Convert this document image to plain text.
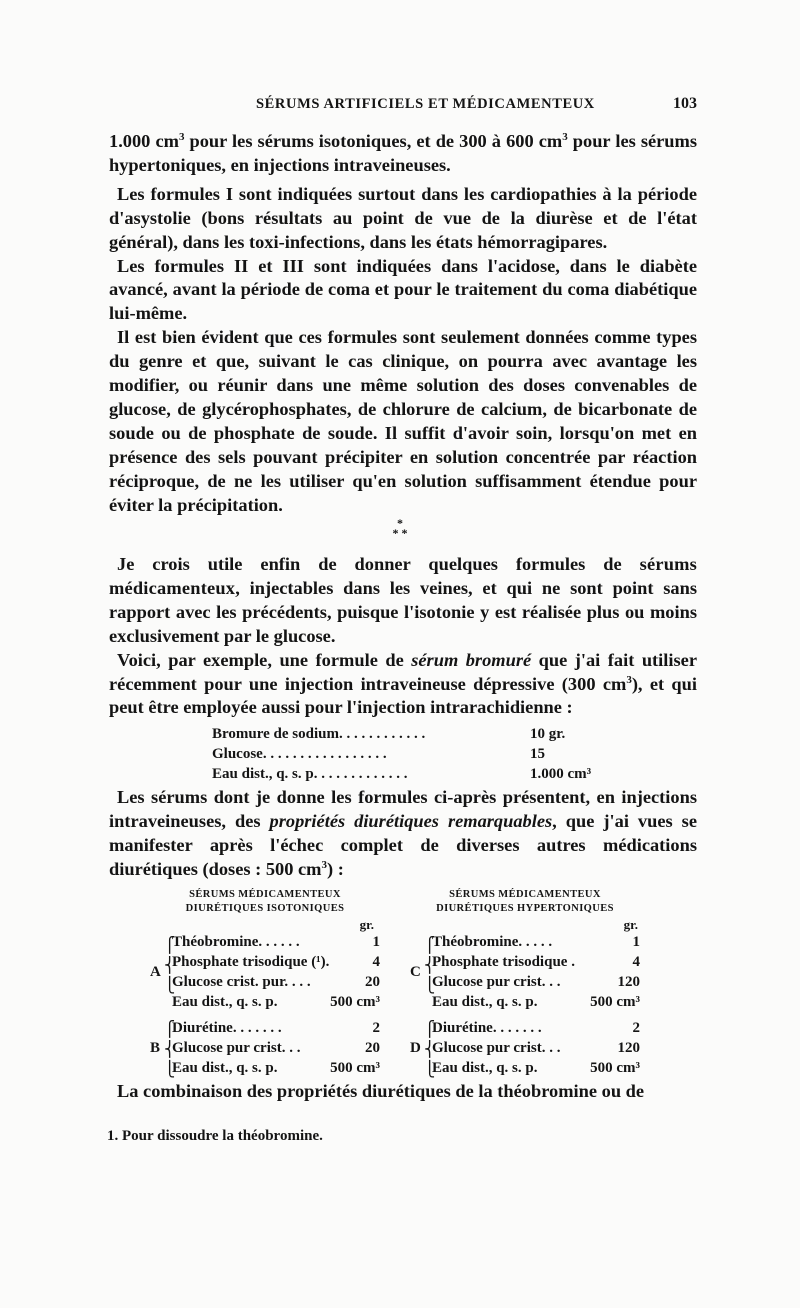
SÉRUMS ARTIFICIELS ET MÉDICAMENTEUX	103

1.000 $cm^3$ pour les sérums isotoniques, et de 300 à 600 $cm^3$ pour les sérums hypertoniques, en injections intraveineuses.

Les formules I sont indiquées surtout dans les cardiopathies à la période d'asystolie (bons résultats au point de vue de la diurèse et de l'état général), dans les toxi-infections, dans les états hémorragipares.

Les formules II et III sont indiquées dans l'acidose, dans le diabète avancé, avant la période de coma et pour le traitement du coma diabétique lui-même.

Il est bien évident que ces formules sont seulement données comme types du genre et que, suivant le cas clinique, on pourra avec avantage les modifier, ou réunir dans une même solution des doses convenables de glucose, de glycérophosphates, de chlorure de calcium, de bicarbonate de soude ou de phosphate de soude. Il suffit d'avoir soin, lorsqu'on met en présence des sels pouvant précipiter en solution concentrée par réaction réciproque, de ne les utiliser qu'en solution suffisamment étendue pour éviter la précipitation.

*
* *

Je crois utile enfin de donner quelques formules de sérums médicamenteux, injectables dans les veines, et qui ne sont point sans rapport avec les précédents, puisque l'isotonie y est réalisée plus ou moins exclusivement par le glucose.

Voici, par exemple, une formule de sérum bromuré que j'ai fait utiliser récemment pour une injection intraveineuse dépressive (300 $cm^3$), et qui peut être employée aussi pour l'injection intrarachidienne :

Bromure de sodium. . . . . . . . . . . .	10 gr.
Glucose. . . . . . . . . . . . . . . . .	15
Eau dist., q. s. p. . . . . . . . . . . . .	1.000 cm³

Les sérums dont je donne les formules ci-après présentent, en injections intraveineuses, des propriétés diurétiques remarquables, que j'ai vues se manifester après l'échec complet de diverses autres médications diurétiques (doses : 500 $cm^3$) :

SÉRUMS MÉDICAMENTEUX
DIURÉTIQUES ISOTONIQUES
gr.
A
⎧
⎨
⎩
Théobromine. . . . . .	1
Phosphate trisodique (¹).	4
Glucose crist. pur. . . .	20
Eau dist., q. s. p.	500 cm³
B
⎧
⎨
⎩
Diurétine. . . . . . .	2
Glucose pur crist. . .	20
Eau dist., q. s. p.	500 cm³
SÉRUMS MÉDICAMENTEUX
DIURÉTIQUES HYPERTONIQUES
gr.
C
⎧
⎨
⎩
Théobromine. . . . .	1
Phosphate trisodique .	4
Glucose pur crist. . .	120
Eau dist., q. s. p.	500 cm³
D
⎧
⎨
⎩
Diurétine. . . . . . .	2
Glucose pur crist. . .	120
Eau dist., q. s. p.	500 cm³

La combinaison des propriétés diurétiques de la théobromine ou de

1. Pour dissoudre la théobromine.
